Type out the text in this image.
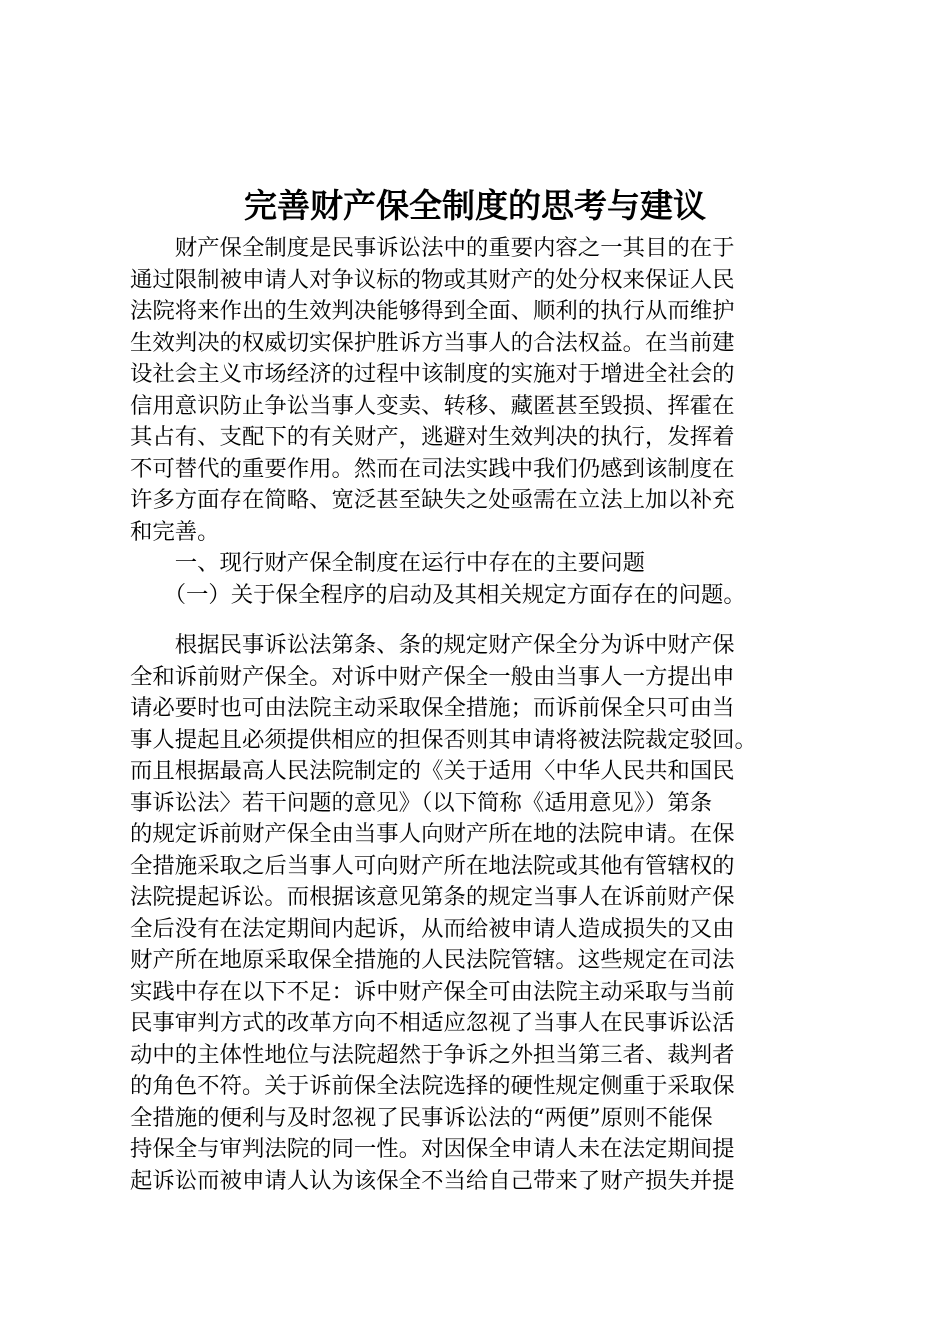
完善财产保全制度的思考与建议
　　财产保全制度是民事诉讼法中的重要内容之一其目的在于
通过限制被申请人对争议标的物或其财产的处分权来保证人民
法院将来作出的生效判决能够得到全面、顺利的执行从而维护
生效判决的权威切实保护胜诉方当事人的合法权益。在当前建
设社会主义市场经济的过程中该制度的实施对于增进全社会的
信用意识防止争讼当事人变卖、转移、藏匿甚至毁损、挥霍在
其占有、支配下的有关财产，逃避对生效判决的执行，发挥着
不可替代的重要作用。然而在司法实践中我们仍感到该制度在
许多方面存在简略、宽泛甚至缺失之处亟需在立法上加以补充
和完善。
　　一、现行财产保全制度在运行中存在的主要问题
　　（一）关于保全程序的启动及其相关规定方面存在的问题。
　　根据民事诉讼法第条、条的规定财产保全分为诉中财产保
全和诉前财产保全。对诉中财产保全一般由当事人一方提出申
请必要时也可由法院主动采取保全措施；而诉前保全只可由当
事人提起且必须提供相应的担保否则其申请将被法院裁定驳回。
而且根据最高人民法院制定的《关于适用〈中华人民共和国民
事诉讼法〉若干问题的意见》（以下简称《适用意见》）第条
的规定诉前财产保全由当事人向财产所在地的法院申请。在保
全措施采取之后当事人可向财产所在地法院或其他有管辖权的
法院提起诉讼。而根据该意见第条的规定当事人在诉前财产保
全后没有在法定期间内起诉，从而给被申请人造成损失的又由
财产所在地原采取保全措施的人民法院管辖。这些规定在司法
实践中存在以下不足：诉中财产保全可由法院主动采取与当前
民事审判方式的改革方向不相适应忽视了当事人在民事诉讼活
动中的主体性地位与法院超然于争诉之外担当第三者、裁判者
的角色不符。关于诉前保全法院选择的硬性规定侧重于采取保
全措施的便利与及时忽视了民事诉讼法的“两便”原则不能保
持保全与审判法院的同一性。对因保全申请人未在法定期间提
起诉讼而被申请人认为该保全不当给自己带来了财产损失并提
